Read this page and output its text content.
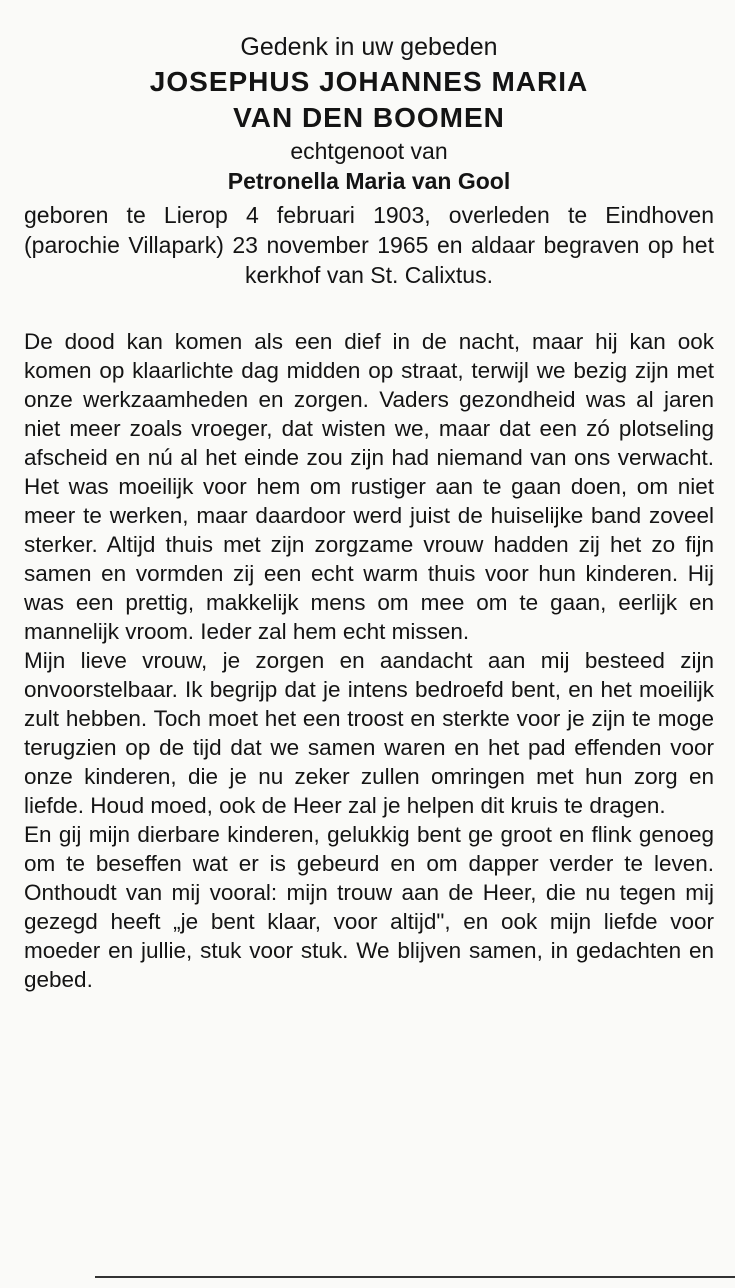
Gedenk in uw gebeden

JOSEPHUS JOHANNES MARIA

VAN DEN BOOMEN

echtgenoot van

Petronella Maria van Gool

geboren te Lierop 4 februari 1903, overleden te Eindhoven (parochie Villapark) 23 november 1965 en aldaar begraven op het kerkhof van St. Calixtus.

De dood kan komen als een dief in de nacht, maar hij kan ook komen op klaarlichte dag midden op straat, terwijl we bezig zijn met onze werkzaamheden en zorgen. Vaders gezondheid was al jaren niet meer zoals vroeger, dat wisten we, maar dat een zó plotseling afscheid en nú al het einde zou zijn had niemand van ons verwacht. Het was moeilijk voor hem om rustiger aan te gaan doen, om niet meer te werken, maar daardoor werd juist de huiselijke band zoveel sterker. Altijd thuis met zijn zorgzame vrouw hadden zij het zo fijn samen en vormden zij een echt warm thuis voor hun kinderen. Hij was een prettig, makkelijk mens om mee om te gaan, eerlijk en mannelijk vroom. Ieder zal hem echt missen.

Mijn lieve vrouw, je zorgen en aandacht aan mij besteed zijn onvoorstelbaar. Ik begrijp dat je intens bedroefd bent, en het moeilijk zult hebben. Toch moet het een troost en sterkte voor je zijn te moge terugzien op de tijd dat we samen waren en het pad effenden voor onze kinderen, die je nu zeker zullen omringen met hun zorg en liefde. Houd moed, ook de Heer zal je helpen dit kruis te dragen.

En gij mijn dierbare kinderen, gelukkig bent ge groot en flink genoeg om te beseffen wat er is gebeurd en om dapper verder te leven. Onthoudt van mij vooral: mijn trouw aan de Heer, die nu tegen mij gezegd heeft „je bent klaar, voor altijd", en ook mijn liefde voor moeder en jullie, stuk voor stuk. We blijven samen, in gedachten en gebed.
